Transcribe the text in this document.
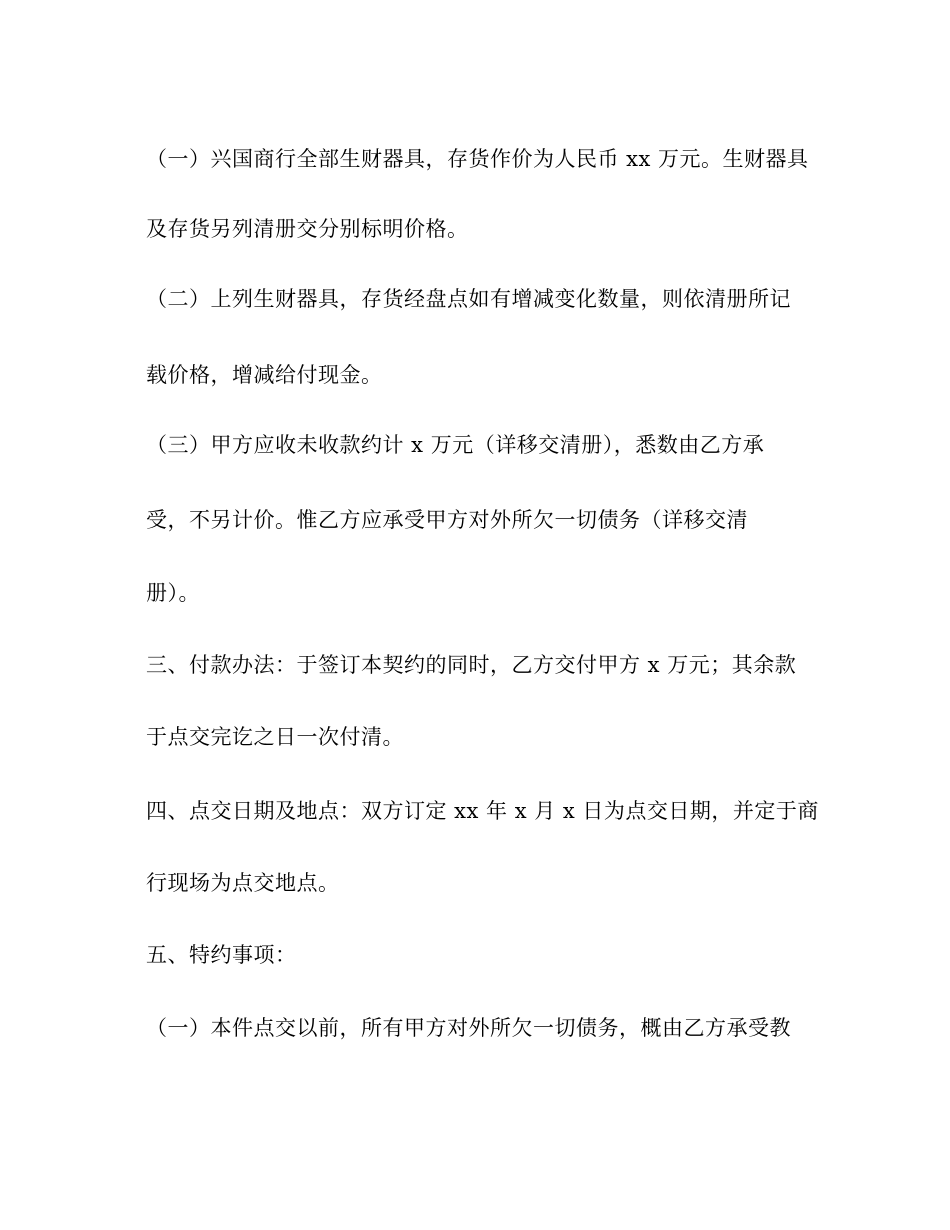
（一）兴国商行全部生财器具，存货作价为人民币 xx 万元。生财器具
及存货另列清册交分别标明价格。
（二）上列生财器具，存货经盘点如有增减变化数量，则依清册所记
载价格，增减给付现金。
（三）甲方应收未收款约计 x 万元（详移交清册），悉数由乙方承
受，不另计价。惟乙方应承受甲方对外所欠一切债务（详移交清
册）。
三、付款办法：于签订本契约的同时，乙方交付甲方 x 万元；其余款
于点交完讫之日一次付清。
四、点交日期及地点：双方订定 xx 年 x 月 x 日为点交日期，并定于商
行现场为点交地点。
五、特约事项：
（一）本件点交以前，所有甲方对外所欠一切债务，概由乙方承受教
